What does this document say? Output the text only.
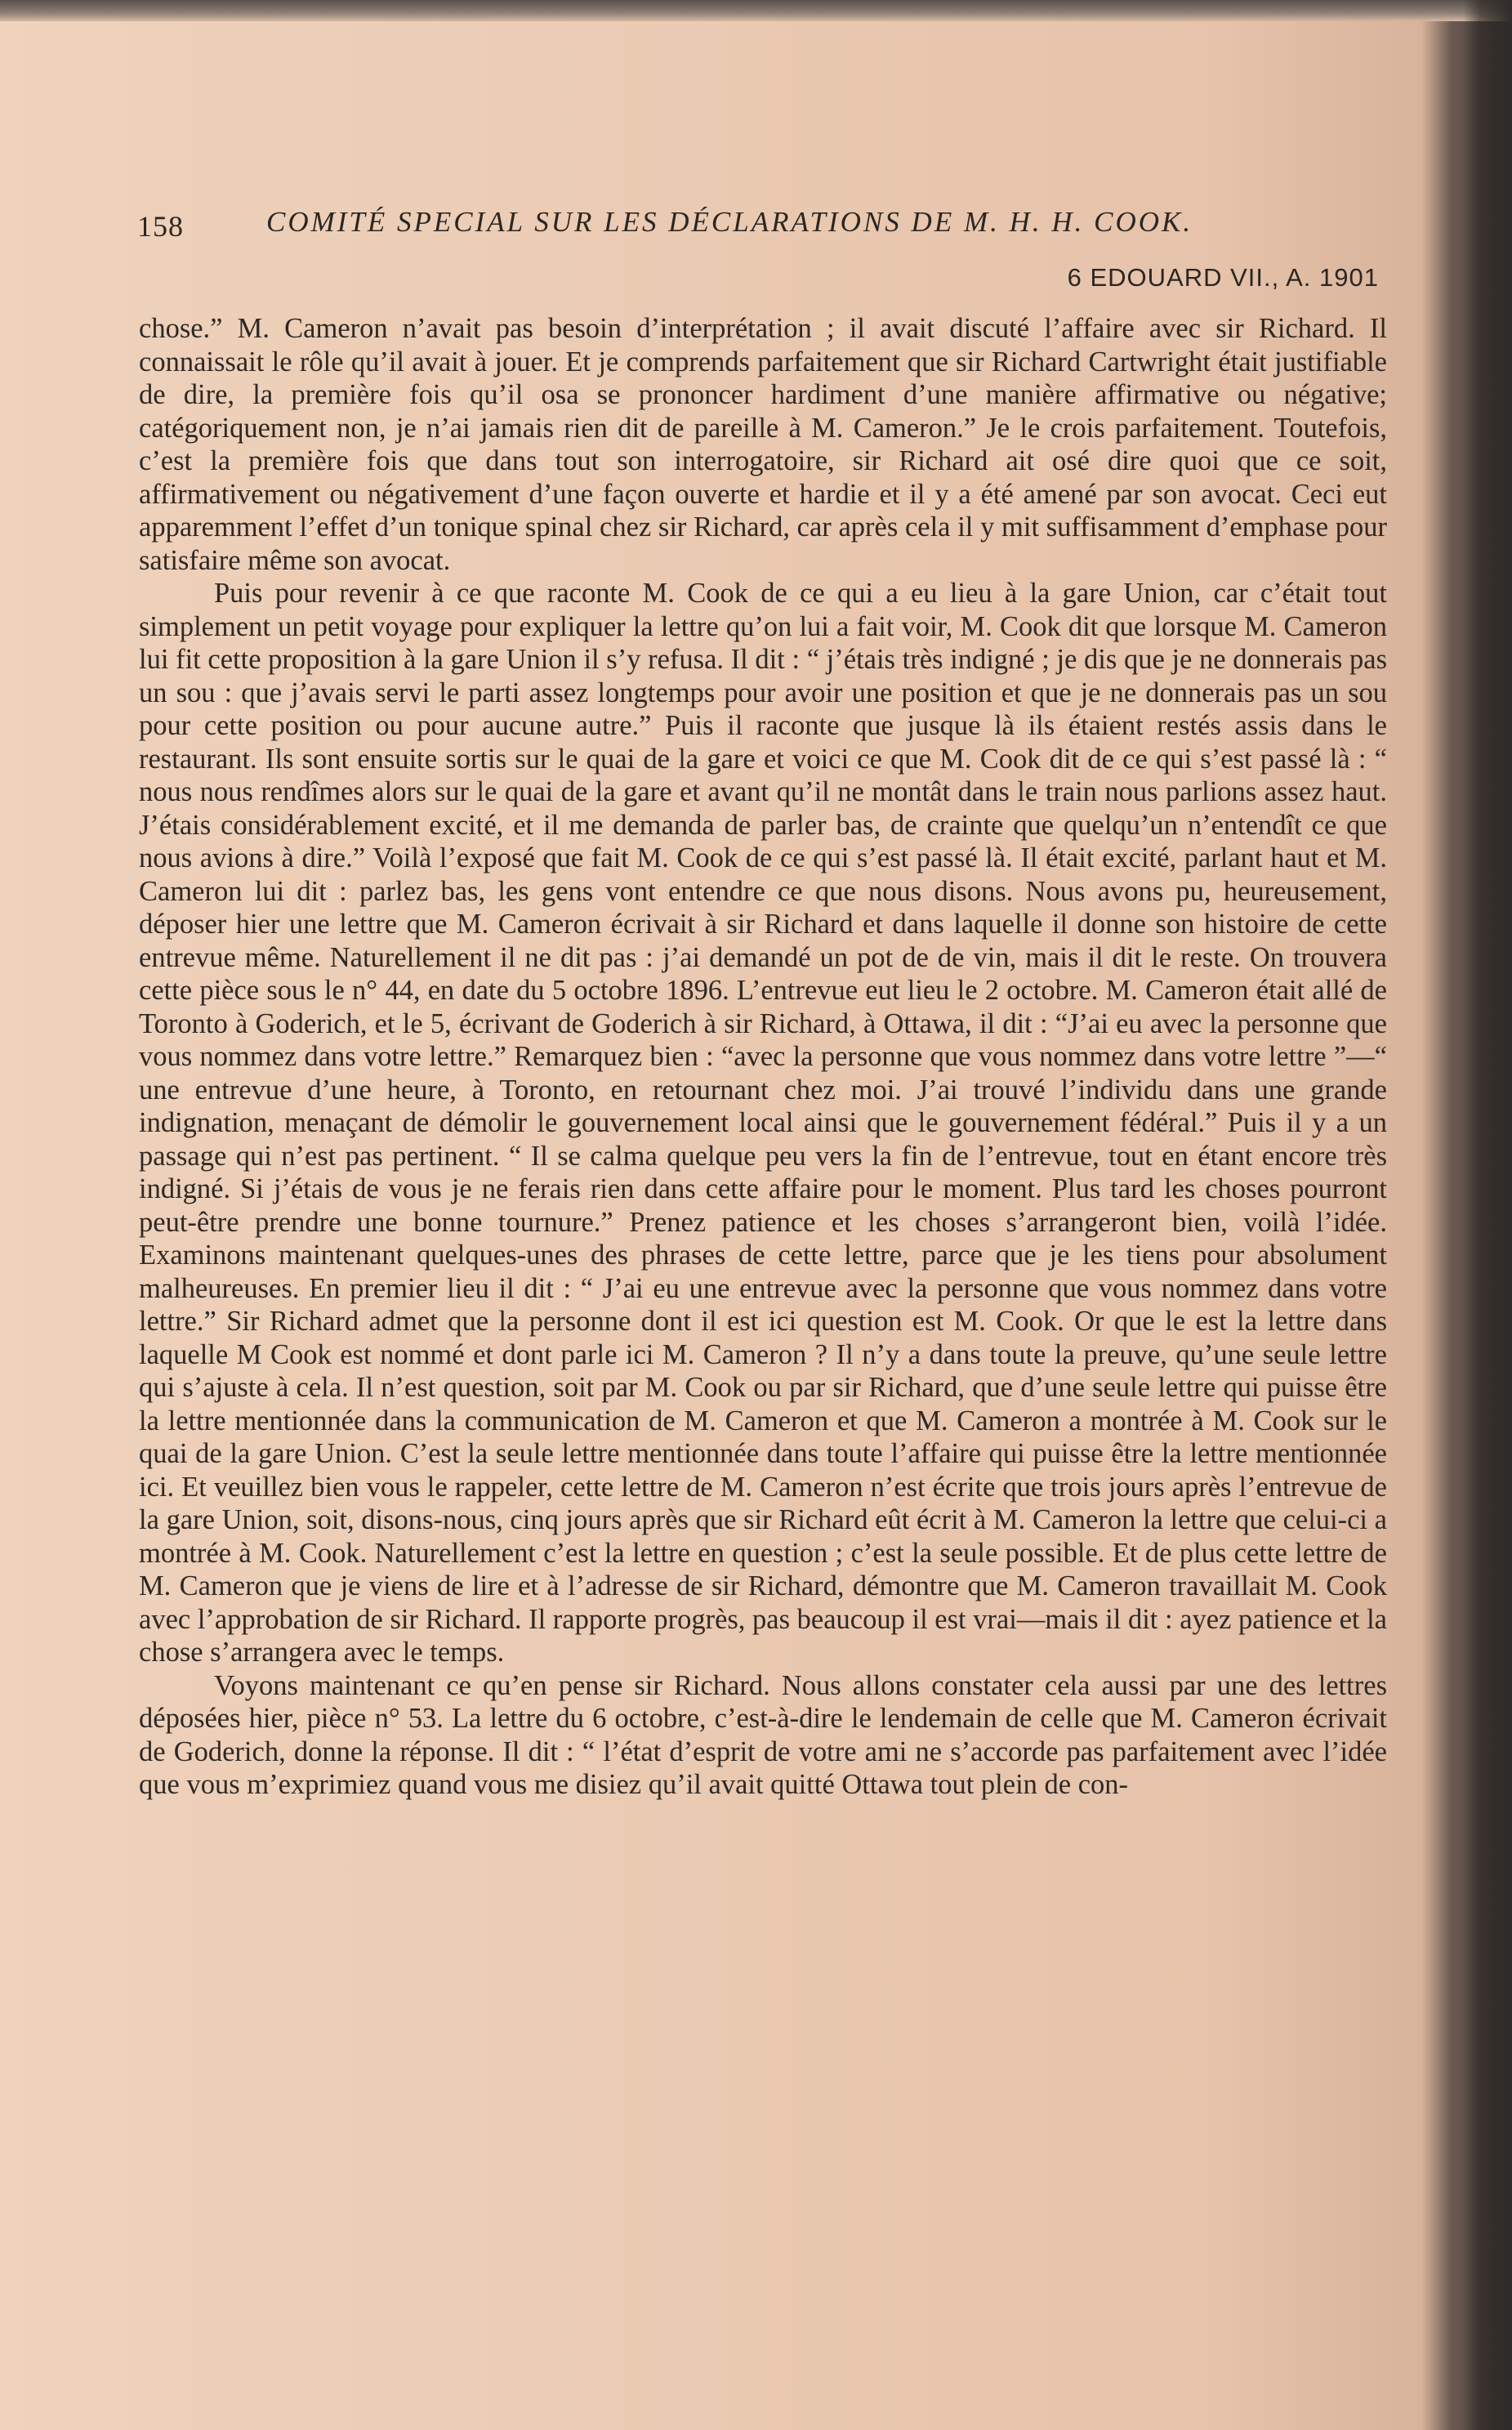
158	COMITÉ SPECIAL SUR LES DÉCLARATIONS DE M. H. H. COOK.
6 EDOUARD VII., A. 1901

chose.” M. Cameron n’avait pas besoin d’interprétation ; il avait discuté l’affaire avec sir Richard. Il connaissait le rôle qu’il avait à jouer. Et je comprends parfaitement que sir Richard Cartwright était justifiable de dire, la première fois qu’il osa se prononcer hardiment d’une manière affirmative ou négative; catégoriquement non, je n’ai jamais rien dit de pareille à M. Cameron.” Je le crois parfaitement. Toutefois, c’est la première fois que dans tout son interrogatoire, sir Richard ait osé dire quoi que ce soit, affirmativement ou négativement d’une façon ouverte et hardie et il y a été amené par son avocat. Ceci eut apparemment l’effet d’un tonique spinal chez sir Richard, car après cela il y mit suffisamment d’emphase pour satisfaire même son avocat.

Puis pour revenir à ce que raconte M. Cook de ce qui a eu lieu à la gare Union, car c’était tout simplement un petit voyage pour expliquer la lettre qu’on lui a fait voir, M. Cook dit que lorsque M. Cameron lui fit cette proposition à la gare Union il s’y refusa. Il dit : “ j’étais très indigné ; je dis que je ne donnerais pas un sou : que j’avais servi le parti assez longtemps pour avoir une position et que je ne donnerais pas un sou pour cette position ou pour aucune autre.” Puis il raconte que jusque là ils étaient restés assis dans le restaurant. Ils sont ensuite sortis sur le quai de la gare et voici ce que M. Cook dit de ce qui s’est passé là : “ nous nous rendîmes alors sur le quai de la gare et avant qu’il ne montât dans le train nous parlions assez haut. J’étais considérablement excité, et il me demanda de parler bas, de crainte que quelqu’un n’entendît ce que nous avions à dire.” Voilà l’exposé que fait M. Cook de ce qui s’est passé là. Il était excité, parlant haut et M. Cameron lui dit : parlez bas, les gens vont entendre ce que nous disons. Nous avons pu, heureusement, déposer hier une lettre que M. Cameron écrivait à sir Richard et dans laquelle il donne son histoire de cette entrevue même. Naturellement il ne dit pas : j’ai demandé un pot de de vin, mais il dit le reste. On trouvera cette pièce sous le n° 44, en date du 5 octobre 1896. L’entrevue eut lieu le 2 octobre. M. Cameron était allé de Toronto à Goderich, et le 5, écrivant de Goderich à sir Richard, à Ottawa, il dit : “J’ai eu avec la personne que vous nommez dans votre lettre.” Remarquez bien : “avec la personne que vous nommez dans votre lettre ”—“ une entrevue d’une heure, à Toronto, en retournant chez moi. J’ai trouvé l’individu dans une grande indignation, menaçant de démolir le gouvernement local ainsi que le gouvernement fédéral.” Puis il y a un passage qui n’est pas pertinent. “ Il se calma quelque peu vers la fin de l’entrevue, tout en étant encore très indigné. Si j’étais de vous je ne ferais rien dans cette affaire pour le moment. Plus tard les choses pourront peut-être prendre une bonne tournure.” Prenez patience et les choses s’arrangeront bien, voilà l’idée. Examinons maintenant quelques-unes des phrases de cette lettre, parce que je les tiens pour absolument malheureuses. En premier lieu il dit : “ J’ai eu une entrevue avec la personne que vous nommez dans votre lettre.” Sir Richard admet que la personne dont il est ici question est M. Cook. Or que le est la lettre dans laquelle M Cook est nommé et dont parle ici M. Cameron ? Il n’y a dans toute la preuve, qu’une seule lettre qui s’ajuste à cela. Il n’est question, soit par M. Cook ou par sir Richard, que d’une seule lettre qui puisse être la lettre mentionnée dans la communication de M. Cameron et que M. Cameron a montrée à M. Cook sur le quai de la gare Union. C’est la seule lettre mentionnée dans toute l’affaire qui puisse être la lettre mentionnée ici. Et veuillez bien vous le rappeler, cette lettre de M. Cameron n’est écrite que trois jours après l’entrevue de la gare Union, soit, disons-nous, cinq jours après que sir Richard eût écrit à M. Cameron la lettre que celui-ci a montrée à M. Cook. Naturellement c’est la lettre en question ; c’est la seule possible. Et de plus cette lettre de M. Cameron que je viens de lire et à l’adresse de sir Richard, démontre que M. Cameron travaillait M. Cook avec l’approbation de sir Richard. Il rapporte progrès, pas beaucoup il est vrai—mais il dit : ayez patience et la chose s’arrangera avec le temps.

Voyons maintenant ce qu’en pense sir Richard. Nous allons constater cela aussi par une des lettres déposées hier, pièce n° 53. La lettre du 6 octobre, c’est-à-dire le lendemain de celle que M. Cameron écrivait de Goderich, donne la réponse. Il dit : “ l’état d’esprit de votre ami ne s’accorde pas parfaitement avec l’idée que vous m’exprimiez quand vous me disiez qu’il avait quitté Ottawa tout plein de con-
